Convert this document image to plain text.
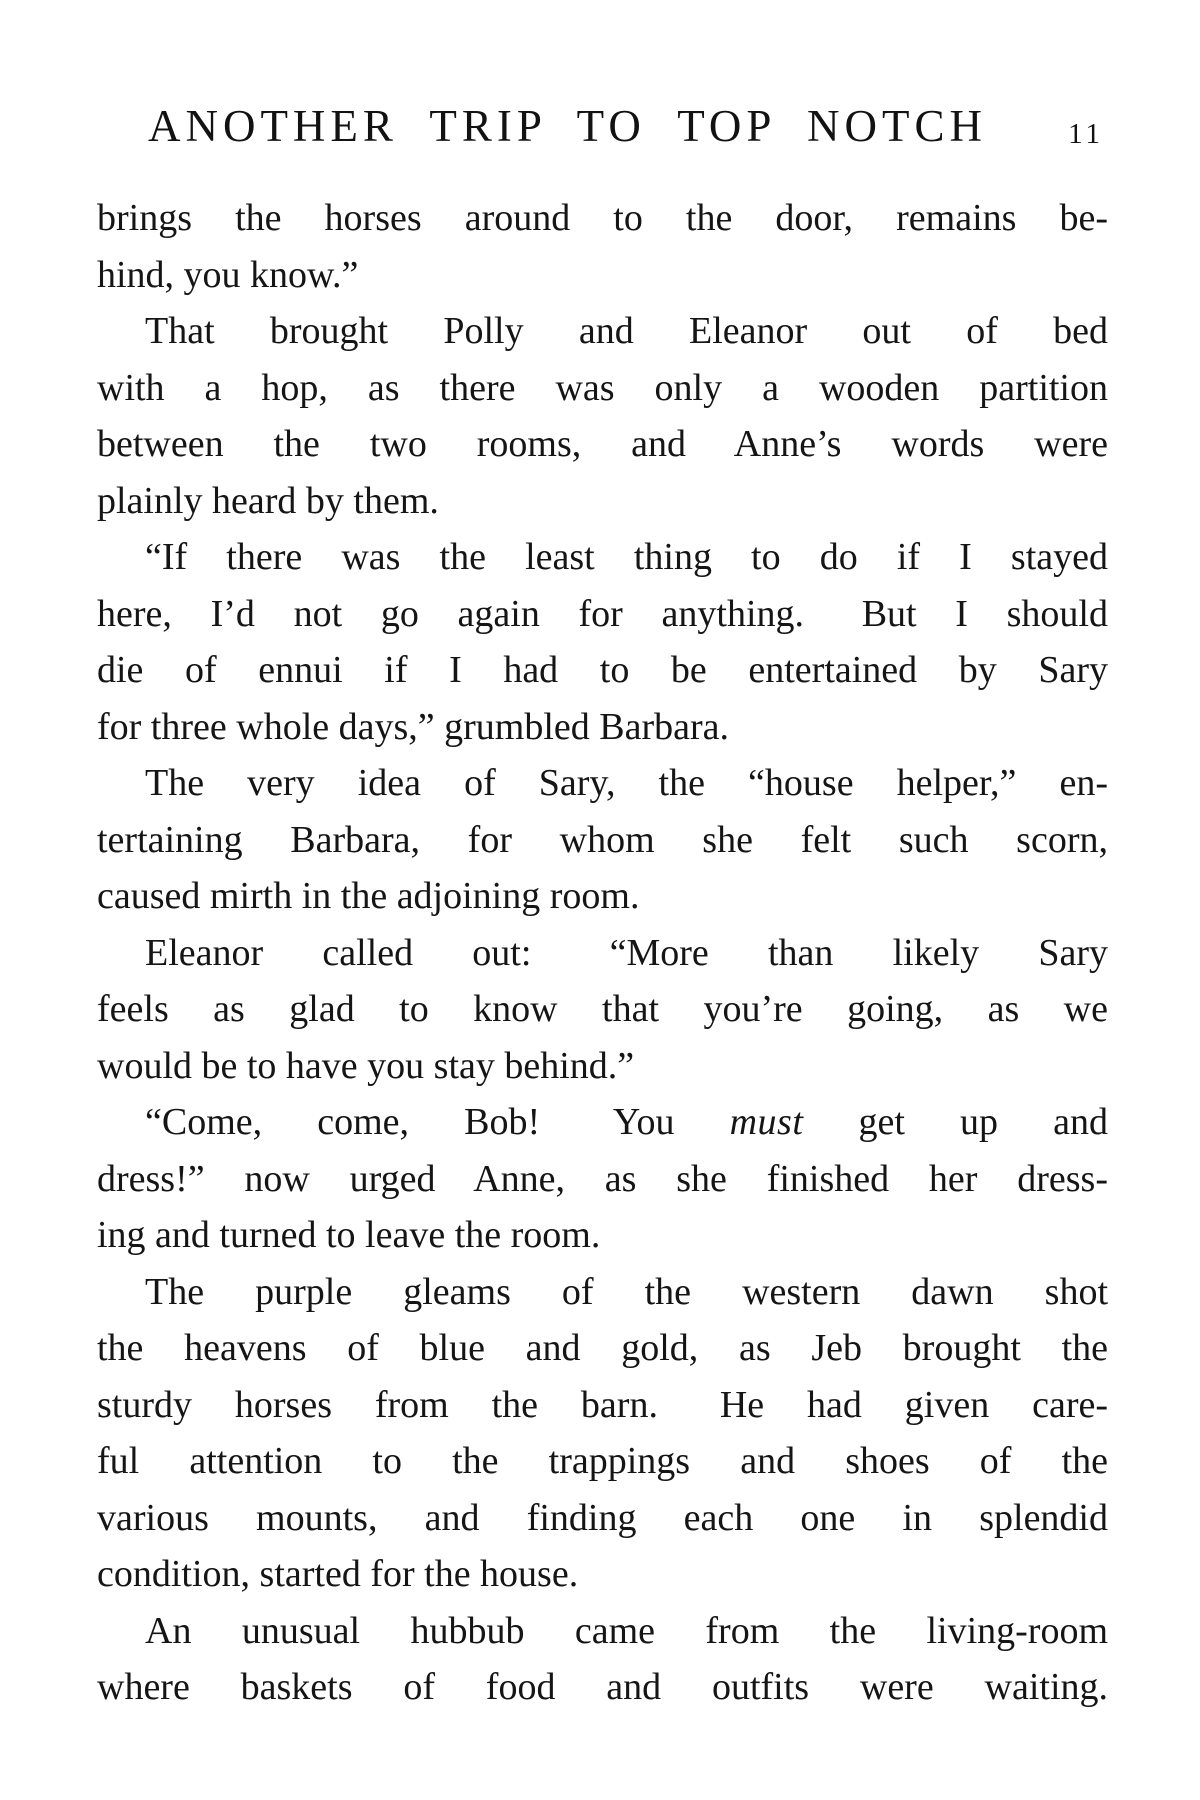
ANOTHER TRIP TO TOP NOTCH	11
brings the horses around to the door, remains be-
hind, you know.”
That brought Polly and Eleanor out of bed
with a hop, as there was only a wooden partition
between the two rooms, and Anne’s words were
plainly heard by them.
“If there was the least thing to do if I stayed
here, I’d not go again for anything.  But I should
die of ennui if I had to be entertained by Sary
for three whole days,” grumbled Barbara.
The very idea of Sary, the “house helper,” en-
tertaining Barbara, for whom she felt such scorn,
caused mirth in the adjoining room.
Eleanor called out:  “More than likely Sary
feels as glad to know that you’re going, as we
would be to have you stay behind.”
“Come, come, Bob!  You must get up and
dress!” now urged Anne, as she finished her dress-
ing and turned to leave the room.
The purple gleams of the western dawn shot
the heavens of blue and gold, as Jeb brought the
sturdy horses from the barn.  He had given care-
ful attention to the trappings and shoes of the
various mounts, and finding each one in splendid
condition, started for the house.
An unusual hubbub came from the living-room
where baskets of food and outfits were waiting.
